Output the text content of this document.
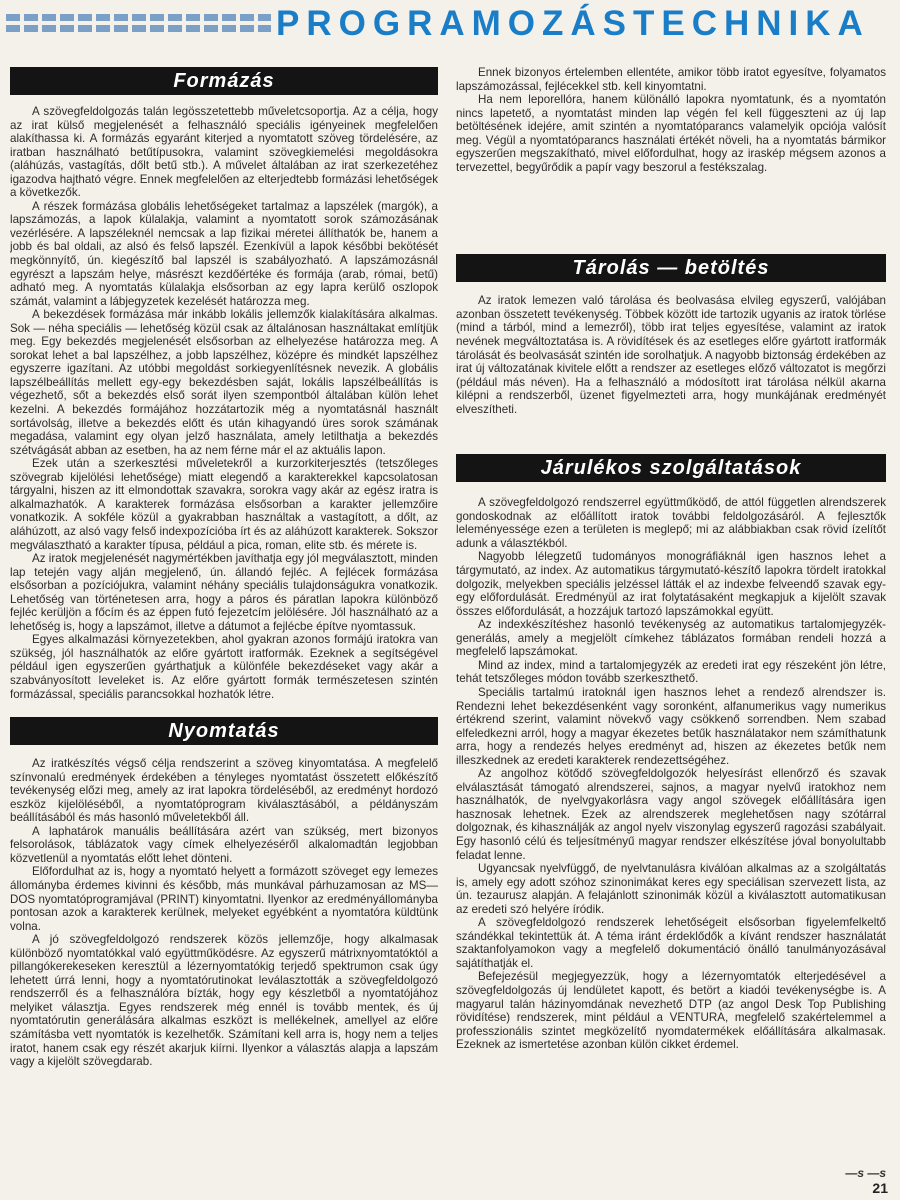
PROGRAMOZÁSTECHNIKA
Formázás

A szövegfeldolgozás talán legösszetettebb műveletcsoportja. Az a célja, hogy az irat külső megjelenését a felhasználó speciális igényeinek megfelelően alakíthassa ki. A formázás egyaránt kiterjed a nyomtatott szöveg tördelésére, az iratban használható betűtípusokra, valamint szövegkiemelési megoldásokra (aláhúzás, vastagítás, dőlt betű stb.). A művelet általában az irat szerkezetéhez igazodva hajtható végre. Ennek megfelelően az elterjedtebb formázási lehetőségek a következők.

A részek formázása globális lehetőségeket tartalmaz a lapszélek (margók), a lapszámozás, a lapok külalakja, valamint a nyomtatott sorok számozásának vezérlésére. A lapszéleknél nemcsak a lap fizikai méretei állíthatók be, hanem a jobb és bal oldali, az alsó és felső lapszél. Ezenkívül a lapok későbbi bekötését megkönnyítő, ún. kiegészítő bal lapszél is szabályozható. A lapszámozásnál egyrészt a lapszám helye, másrészt kezdőértéke és formája (arab, római, betű) adható meg. A nyomtatás külalakja elsősorban az egy lapra kerülő oszlopok számát, valamint a lábjegyzetek kezelését határozza meg.

A bekezdések formázása már inkább lokális jellemzők kialakítására alkalmas. Sok — néha speciális — lehetőség közül csak az általánosan használtakat említjük meg. Egy bekezdés megjelenését elsősorban az elhelyezése határozza meg. A sorokat lehet a bal lapszélhez, a jobb lapszélhez, középre és mindkét lapszélhez egyszerre igazítani. Az utóbbi megoldást sorkiegyenlítésnek nevezik. A globális lapszélbeállítás mellett egy-egy bekezdésben saját, lokális lapszélbeállítás is végezhető, sőt a bekezdés első sorát ilyen szempontból általában külön lehet kezelni. A bekezdés formájához hozzátartozik még a nyomtatásnál használt sortávolság, illetve a bekezdés előtt és után kihagyandó üres sorok számának megadása, valamint egy olyan jelző használata, amely letilthatja a bekezdés szétvágását abban az esetben, ha az nem férne már el az aktuális lapon.

Ezek után a szerkesztési műveletekről a kurzorkiterjesztés (tetszőleges szövegrab kijelölési lehetősége) miatt elegendő a karakterekkel kapcsolatosan tárgyalni, hiszen az itt elmondottak szavakra, sorokra vagy akár az egész iratra is alkalmazhatók. A karakterek formázása elsősorban a karakter jellemzőire vonatkozik. A sokféle közül a gyakrabban használtak a vastagított, a dőlt, az aláhúzott, az alsó vagy felső indexpozícióba írt és az aláhúzott karakterek. Sokszor megválasztható a karakter típusa, például a pica, roman, elite stb. és mérete is.

Az iratok megjelenését nagymértékben javíthatja egy jól megválasztott, minden lap tetején vagy alján megjelenő, ún. állandó fejléc. A fejlécek formázása elsősorban a pozíciójukra, valamint néhány speciális tulajdonságukra vonatkozik. Lehetőség van történetesen arra, hogy a páros és páratlan lapokra különböző fejléc kerüljön a főcím és az éppen futó fejezetcím jelölésére. Jól használható az a lehetőség is, hogy a lapszámot, illetve a dátumot a fejlécbe építve nyomtassuk.

Egyes alkalmazási környezetekben, ahol gyakran azonos formájú iratokra van szükség, jól használhatók az előre gyártott iratformák. Ezeknek a segítségével például igen egyszerűen gyárthatjuk a különféle bekezdéseket vagy akár a szabványosított leveleket is. Az előre gyártott formák természetesen szintén formázással, speciális parancsokkal hozhatók létre.

Nyomtatás

Az iratkészítés végső célja rendszerint a szöveg kinyomtatása. A megfelelő színvonalú eredmények érdekében a tényleges nyomtatást összetett előkészítő tevékenység előzi meg, amely az irat lapokra tördeléséből, az eredményt hordozó eszköz kijelöléséből, a nyomtatóprogram kiválasztásából, a példányszám beállításából és más hasonló műveletekből áll.

A laphatárok manuális beállítására azért van szükség, mert bizonyos felsorolások, táblázatok vagy címek elhelyezéséről alkalomadtán legjobban közvetlenül a nyomtatás előtt lehet dönteni.

Előfordulhat az is, hogy a nyomtató helyett a formázott szöveget egy lemezes állományba érdemes kivinni és később, más munkával párhuzamosan az MS—DOS nyomtatóprogramjával (PRINT) kinyomtatni. Ilyenkor az eredményállományba pontosan azok a karakterek kerülnek, melyeket egyébként a nyomtatóra küldtünk volna.

A jó szövegfeldolgozó rendszerek közös jellemzője, hogy alkalmasak különböző nyomtatókkal való együttműködésre. Az egyszerű mátrixnyomtatóktól a pillangókerekeseken keresztül a lézernyomtatókig terjedő spektrumon csak úgy lehetett úrrá lenni, hogy a nyomtatórutinokat leválasztották a szövegfeldolgozó rendszerről és a felhasználóra bízták, hogy egy készletből a nyomtatójához melyiket választja. Egyes rendszerek még ennél is tovább mentek, és új nyomtatórutin generálására alkalmas eszközt is mellékelnek, amellyel az előre számításba vett nyomtatók is kezelhetők. Számítani kell arra is, hogy nem a teljes iratot, hanem csak egy részét akarjuk kiírni. Ilyenkor a választás alapja a lapszám vagy a kijelölt szövegdarab.

Ennek bizonyos értelemben ellentéte, amikor több iratot egyesítve, folyamatos lapszámozással, fejlécekkel stb. kell kinyomtatni.

Ha nem leporellóra, hanem különálló lapokra nyomtatunk, és a nyomtatón nincs lapetető, a nyomtatást minden lap végén fel kell függeszteni az új lap betöltésének idejére, amit szintén a nyomtatóparancs valamelyik opciója valósít meg. Végül a nyomtatóparancs használati értékét növeli, ha a nyomtatás bármikor egyszerűen megszakítható, mivel előfordulhat, hogy az iraskép mégsem azonos a tervezettel, begyűrődik a papír vagy beszorul a festékszalag.

Tárolás — betöltés

Az iratok lemezen való tárolása és beolvasása elvileg egyszerű, valójában azonban összetett tevékenység. Többek között ide tartozik ugyanis az iratok törlése (mind a tárból, mind a lemezről), több irat teljes egyesítése, valamint az iratok nevének megváltoztatása is. A rövidítések és az esetleges előre gyártott iratformák tárolását és beolvasását szintén ide sorolhatjuk. A nagyobb biztonság érdekében az irat új változatának kivitele előtt a rendszer az esetleges előző változatot is megőrzi (például más néven). Ha a felhasználó a módosított irat tárolása nélkül akarna kilépni a rendszerből, üzenet figyelmezteti arra, hogy munkájának eredményét elveszítheti.

Járulékos szolgáltatások

A szövegfeldolgozó rendszerrel együttműködő, de attól független alrendszerek gondoskodnak az előállított iratok további feldolgozásáról. A fejlesztők leleményessége ezen a területen is meglepő; mi az alábbiakban csak rövid ízelítőt adunk a választékból.

Nagyobb lélegzetű tudományos monográfiáknál igen hasznos lehet a tárgymutató, az index. Az automatikus tárgymutató-készítő lapokra tördelt iratokkal dolgozik, melyekben speciális jelzéssel látták el az indexbe felveendő szavak egy-egy előfordulását. Eredményül az irat folytatásaként megkapjuk a kijelölt szavak összes előfordulását, a hozzájuk tartozó lapszámokkal együtt.

Az indexkészítéshez hasonló tevékenység az automatikus tartalomjegyzék-generálás, amely a megjelölt címkehez táblázatos formában rendeli hozzá a megfelelő lapszámokat.

Mind az index, mind a tartalomjegyzék az eredeti irat egy részeként jön létre, tehát tetszőleges módon tovább szerkeszthető.

Speciális tartalmú iratoknál igen hasznos lehet a rendező alrendszer is. Rendezni lehet bekezdésenként vagy soronként, alfanumerikus vagy numerikus értékrend szerint, valamint növekvő vagy csökkenő sorrendben. Nem szabad elfeledkezni arról, hogy a magyar ékezetes betűk használatakor nem számíthatunk arra, hogy a rendezés helyes eredményt ad, hiszen az ékezetes betűk nem illeszkednek az eredeti karakterek rendezettségéhez.

Az angolhoz kötődő szövegfeldolgozók helyesírást ellenőrző és szavak elválasztását támogató alrendszerei, sajnos, a magyar nyelvű iratokhoz nem használhatók, de nyelvgyakorlásra vagy angol szövegek előállítására igen hasznosak lehetnek. Ezek az alrendszerek meglehetősen nagy szótárral dolgoznak, és kihasználják az angol nyelv viszonylag egyszerű ragozási szabályait. Egy hasonló célú és teljesítményű magyar rendszer elkészítése jóval bonyolultabb feladat lenne.

Ugyancsak nyelvfüggő, de nyelvtanulásra kiválóan alkalmas az a szolgáltatás is, amely egy adott szóhoz szinonimákat keres egy speciálisan szervezett lista, az ún. tezaurusz alapján. A felajánlott szinonimák közül a kiválasztott automatikusan az eredeti szó helyére íródik.

A szövegfeldolgozó rendszerek lehetőségeit elsősorban figyelemfelkeltő szándékkal tekintettük át. A téma iránt érdeklődők a kívánt rendszer használatát szaktanfolyamokon vagy a megfelelő dokumentáció önálló tanulmányozásával sajátíthatják el.

Befejezésül megjegyezzük, hogy a lézernyomtatók elterjedésével a szövegfeldolgozás új lendületet kapott, és betört a kiadói tevékenységbe is. A magyarul talán házinyomdának nevezhető DTP (az angol Desk Top Publishing rövidítése) rendszerek, mint például a VENTURA, megfelelő szakértelemmel a professzionális szintet megközelítő nyomdatermékek előállítására alkalmasak. Ezeknek az ismertetése azonban külön cikket érdemel.

—s —s
21
